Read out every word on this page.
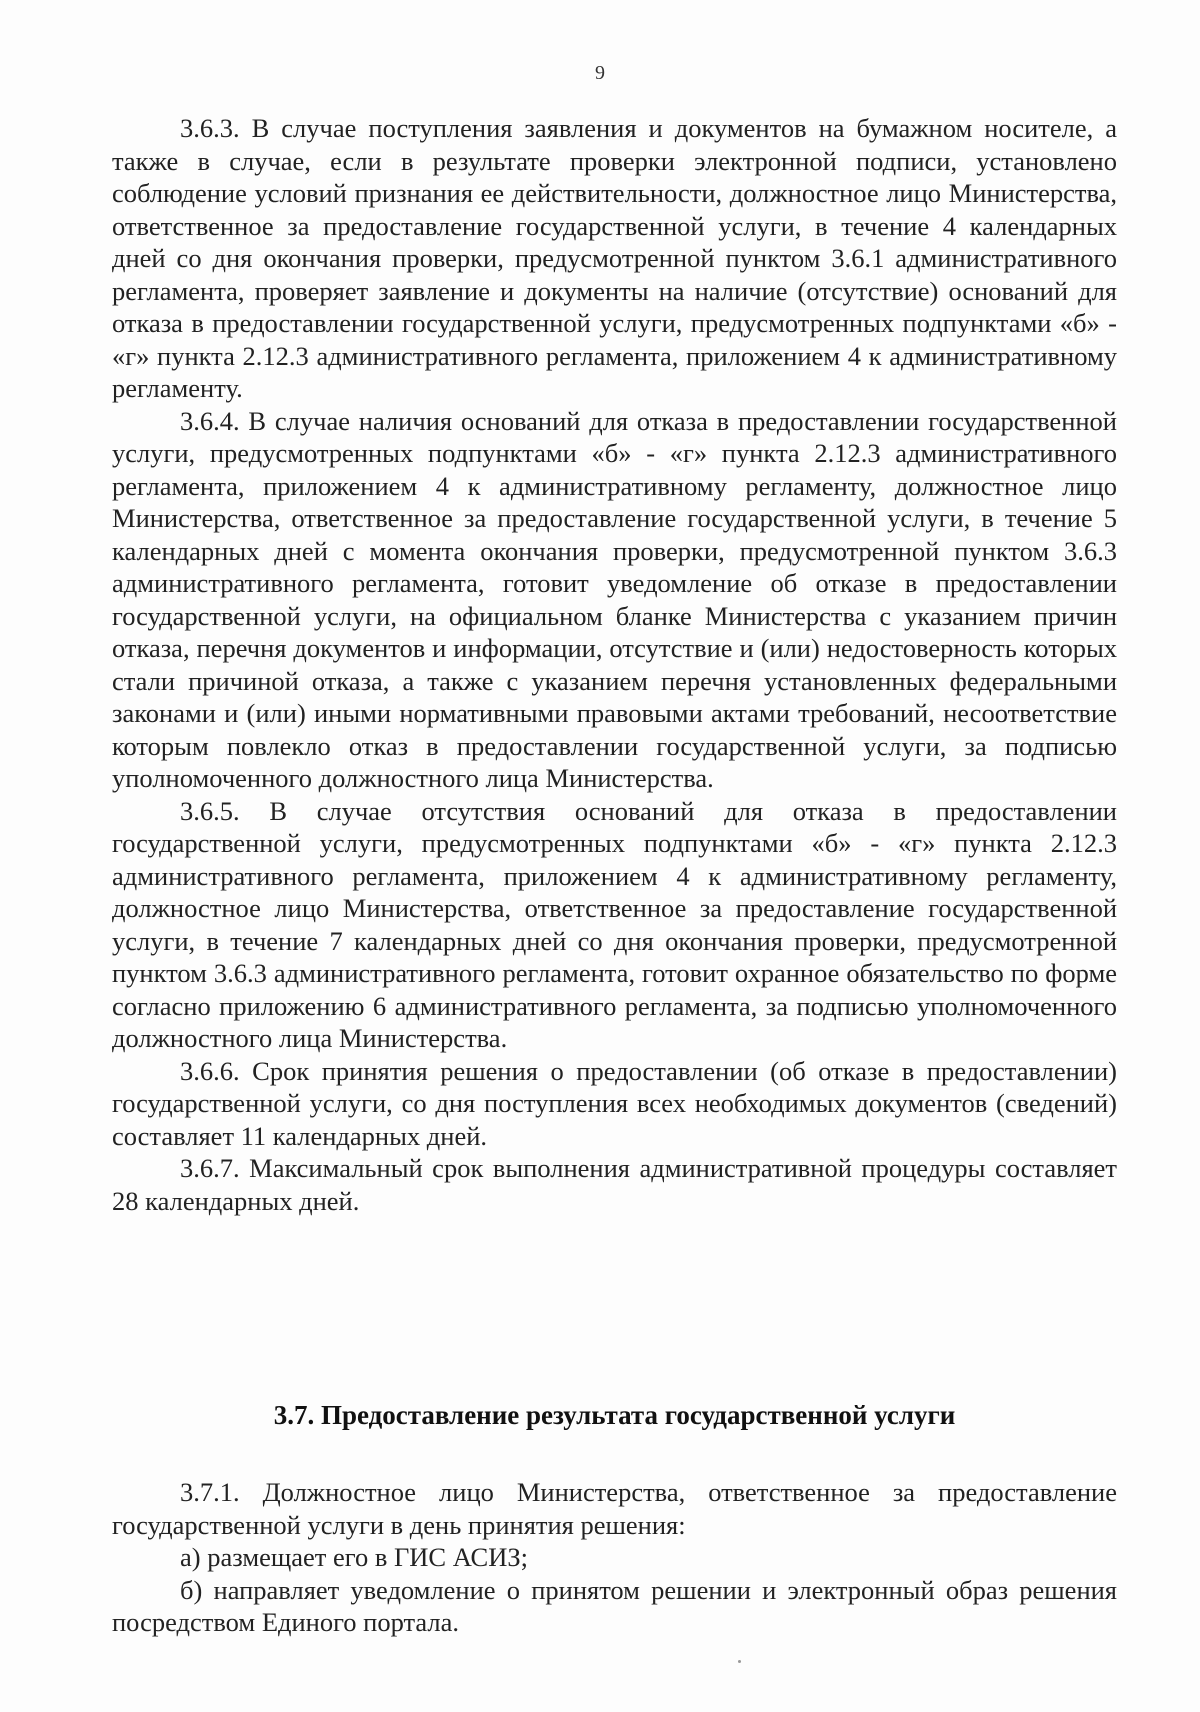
9

3.6.3. В случае поступления заявления и документов на бумажном носителе, а также в случае, если в результате проверки электронной подписи, установлено соблюдение условий признания ее действительности, должностное лицо Министерства, ответственное за предоставление государственной услуги, в течение 4 календарных дней со дня окончания проверки, предусмотренной пунктом 3.6.1 административного регламента, проверяет заявление и документы на наличие (отсутствие) оснований для отказа в предоставлении государственной услуги, предусмотренных подпунктами «б» - «г» пункта 2.12.3 административного регламента, приложением 4 к административному регламенту.

3.6.4. В случае наличия оснований для отказа в предоставлении государственной услуги, предусмотренных подпунктами «б» - «г» пункта 2.12.3 административного регламента, приложением 4 к административному регламенту, должностное лицо Министерства, ответственное за предоставление государственной услуги, в течение 5 календарных дней с момента окончания проверки, предусмотренной пунктом 3.6.3 административного регламента, готовит уведомление об отказе в предоставлении государственной услуги, на официальном бланке Министерства с указанием причин отказа, перечня документов и информации, отсутствие и (или) недостоверность которых стали причиной отказа, а также с указанием перечня установленных федеральными законами и (или) иными нормативными правовыми актами требований, несоответствие которым повлекло отказ в предоставлении государственной услуги, за подписью уполномоченного должностного лица Министерства.

3.6.5. В случае отсутствия оснований для отказа в предоставлении государственной услуги, предусмотренных подпунктами «б» - «г» пункта 2.12.3 административного регламента, приложением 4 к административному регламенту, должностное лицо Министерства, ответственное за предоставление государственной услуги, в течение 7 календарных дней со дня окончания проверки, предусмотренной пунктом 3.6.3 административного регламента, готовит охранное обязательство по форме согласно приложению 6 административного регламента, за подписью уполномоченного должностного лица Министерства.

3.6.6. Срок принятия решения о предоставлении (об отказе в предоставлении) государственной услуги, со дня поступления всех необходимых документов (сведений) составляет 11 календарных дней.

3.6.7. Максимальный срок выполнения административной процедуры составляет 28 календарных дней.

3.7. Предоставление результата государственной услуги

3.7.1. Должностное лицо Министерства, ответственное за предоставление государственной услуги в день принятия решения:

а) размещает его в ГИС АСИЗ;

б) направляет уведомление о принятом решении и электронный образ решения посредством Единого портала.
